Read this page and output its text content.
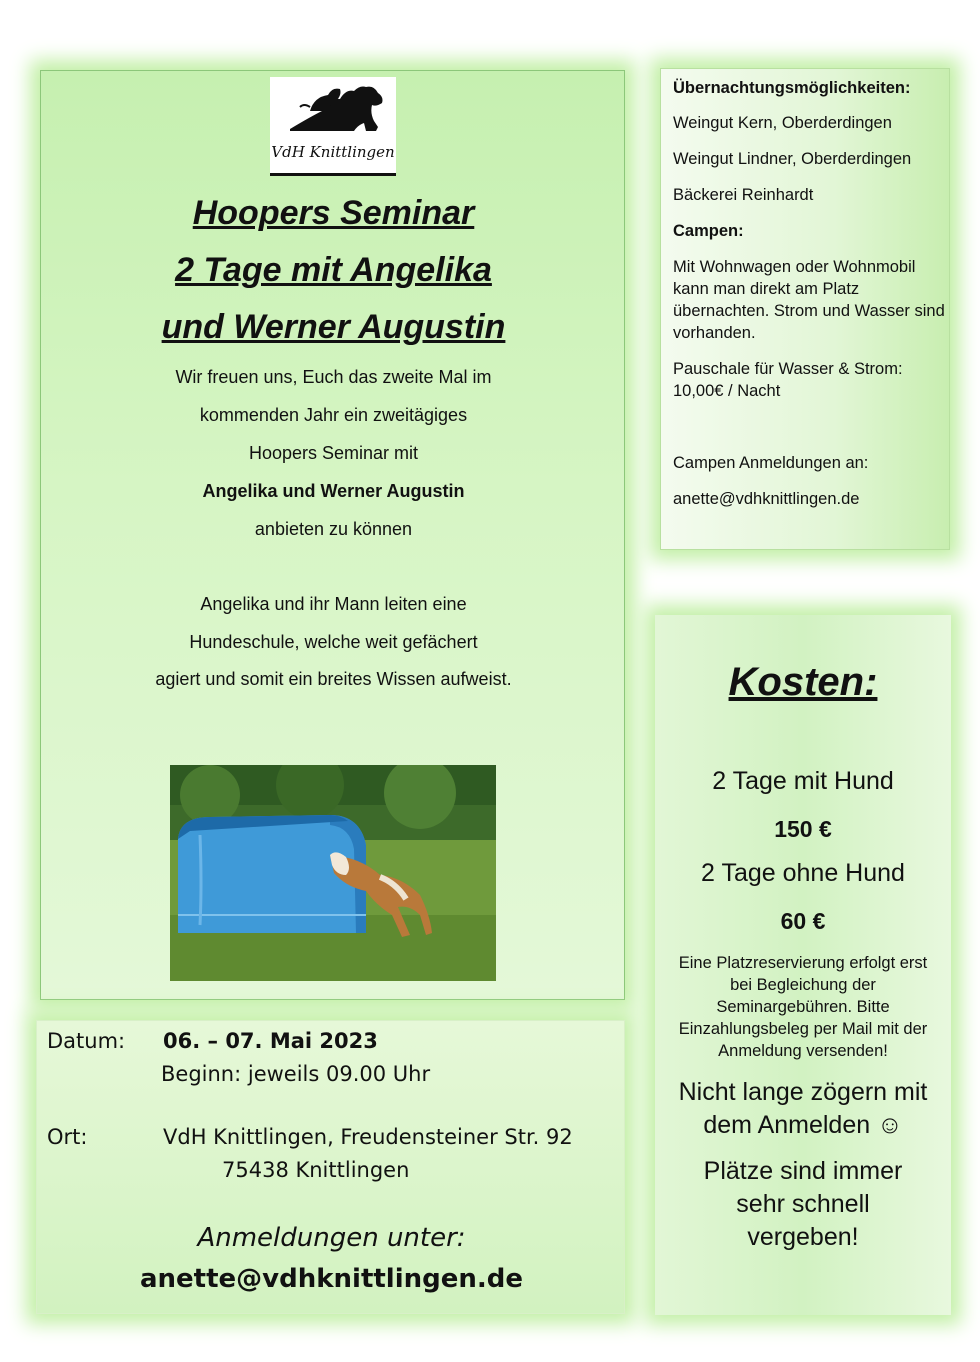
VdH Knittlingen
Hoopers Seminar
2 Tage mit Angelika
und Werner Augustin
Wir freuen uns, Euch das zweite Mal im
kommenden Jahr ein zweitägiges
Hoopers Seminar mit
Angelika und Werner Augustin
anbieten zu können
Angelika und ihr Mann leiten eine
Hundeschule, welche weit gefächert
agiert und somit ein breites Wissen aufweist.
Datum: 06. – 07. Mai 2023
Beginn: jeweils 09.00 Uhr
Ort:	VdH Knittlingen, Freudensteiner Str. 92
75438 Knittlingen
Anmeldungen unter:
anette@vdhknittlingen.de
Übernachtungsmöglichkeiten:
Weingut Kern, Oberderdingen
Weingut Lindner, Oberderdingen
Bäckerei Reinhardt
Campen:
Mit Wohnwagen oder Wohnmobil kann man direkt am Platz übernachten. Strom und Wasser sind vorhanden.
Pauschale für Wasser & Strom: 10,00€ / Nacht
Campen Anmeldungen an:
anette@vdhknittlingen.de
Kosten:
2 Tage mit Hund
150 €
2 Tage ohne Hund
60 €
Eine Platzreservierung erfolgt erst bei Begleichung der Seminargebühren. Bitte Einzahlungsbeleg per Mail mit der Anmeldung versenden!
Nicht lange zögern mit dem Anmelden ☺
Plätze sind immer sehr schnell vergeben!
